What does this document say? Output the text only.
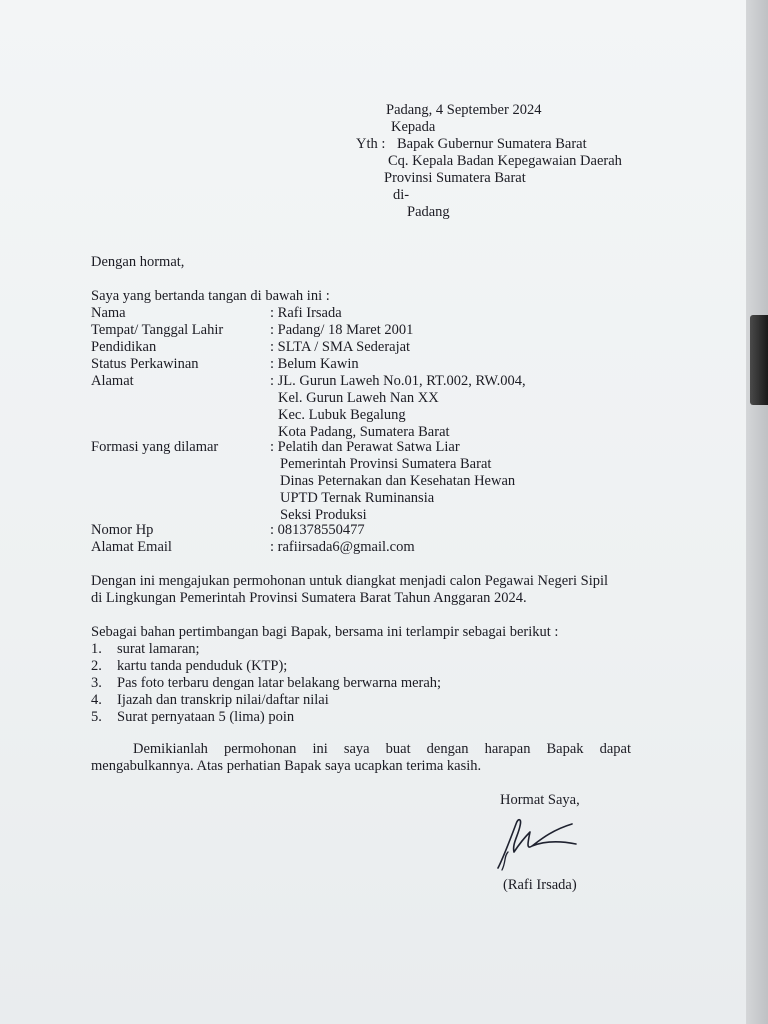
Padang, 4 September 2024
Kepada
Yth : Bapak Gubernur Sumatera Barat
Cq. Kepala Badan Kepegawaian Daerah
Provinsi Sumatera Barat
di-
Padang
Dengan hormat,
Saya yang bertanda tangan di bawah ini :
Nama	: Rafi Irsada
Tempat/ Tanggal Lahir	: Padang/ 18 Maret 2001
Pendidikan	: SLTA / SMA Sederajat
Status Perkawinan	: Belum Kawin
Alamat	: JL. Gurun Laweh No.01, RT.002, RW.004,
Kel. Gurun Laweh Nan XX
Kec. Lubuk Begalung
Kota Padang, Sumatera Barat
Formasi yang dilamar	: Pelatih dan Perawat Satwa Liar
Pemerintah Provinsi Sumatera Barat
Dinas Peternakan dan Kesehatan Hewan
UPTD Ternak Ruminansia
Seksi Produksi
Nomor Hp	: 081378550477
Alamat Email	: rafiirsada6@gmail.com
Dengan ini mengajukan permohonan untuk diangkat menjadi calon Pegawai Negeri Sipil
di Lingkungan Pemerintah Provinsi Sumatera Barat Tahun Anggaran 2024.
Sebagai bahan pertimbangan bagi Bapak, bersama ini terlampir sebagai berikut :
1. surat lamaran;
2. kartu tanda penduduk (KTP);
3. Pas foto terbaru dengan latar belakang berwarna merah;
4. Ijazah dan transkrip nilai/daftar nilai
5. Surat pernyataan 5 (lima) poin
Demikianlah permohonan ini saya buat dengan harapan Bapak dapat
mengabulkannya. Atas perhatian Bapak saya ucapkan terima kasih.
Hormat Saya,
(Rafi Irsada)
